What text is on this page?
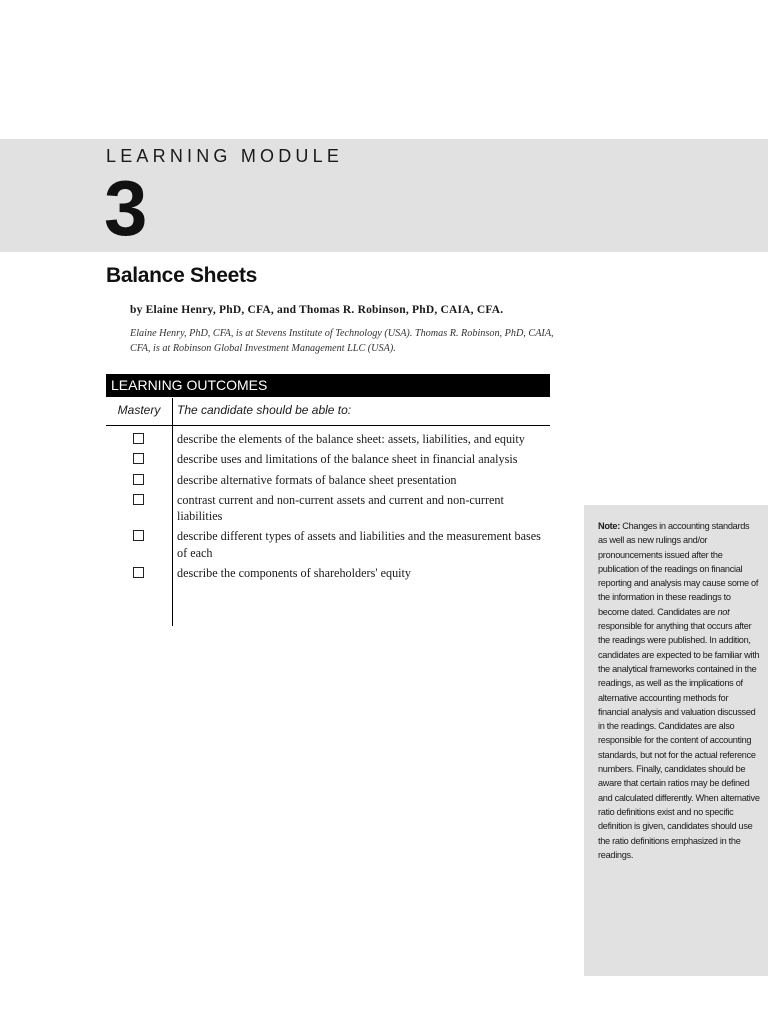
LEARNING MODULE
3
Balance Sheets
by Elaine Henry, PhD, CFA, and Thomas R. Robinson, PhD, CAIA, CFA.
Elaine Henry, PhD, CFA, is at Stevens Institute of Technology (USA). Thomas R. Robinson, PhD, CAIA, CFA, is at Robinson Global Investment Management LLC (USA).
LEARNING OUTCOMES
Mastery	The candidate should be able to:
describe the elements of the balance sheet: assets, liabilities, and equity
describe uses and limitations of the balance sheet in financial analysis
describe alternative formats of balance sheet presentation
contrast current and non-current assets and current and non-current liabilities
describe different types of assets and liabilities and the measurement bases of each
describe the components of shareholders' equity
Note: Changes in accounting standards as well as new rulings and/or pronouncements issued after the publication of the readings on financial reporting and analysis may cause some of the information in these readings to become dated. Candidates are not responsible for anything that occurs after the readings were published. In addition, candidates are expected to be familiar with the analytical frameworks contained in the readings, as well as the implications of alternative accounting methods for financial analysis and valuation discussed in the readings. Candidates are also responsible for the content of accounting standards, but not for the actual reference numbers. Finally, candidates should be aware that certain ratios may be defined and calculated differently. When alternative ratio definitions exist and no specific definition is given, candidates should use the ratio definitions emphasized in the readings.
